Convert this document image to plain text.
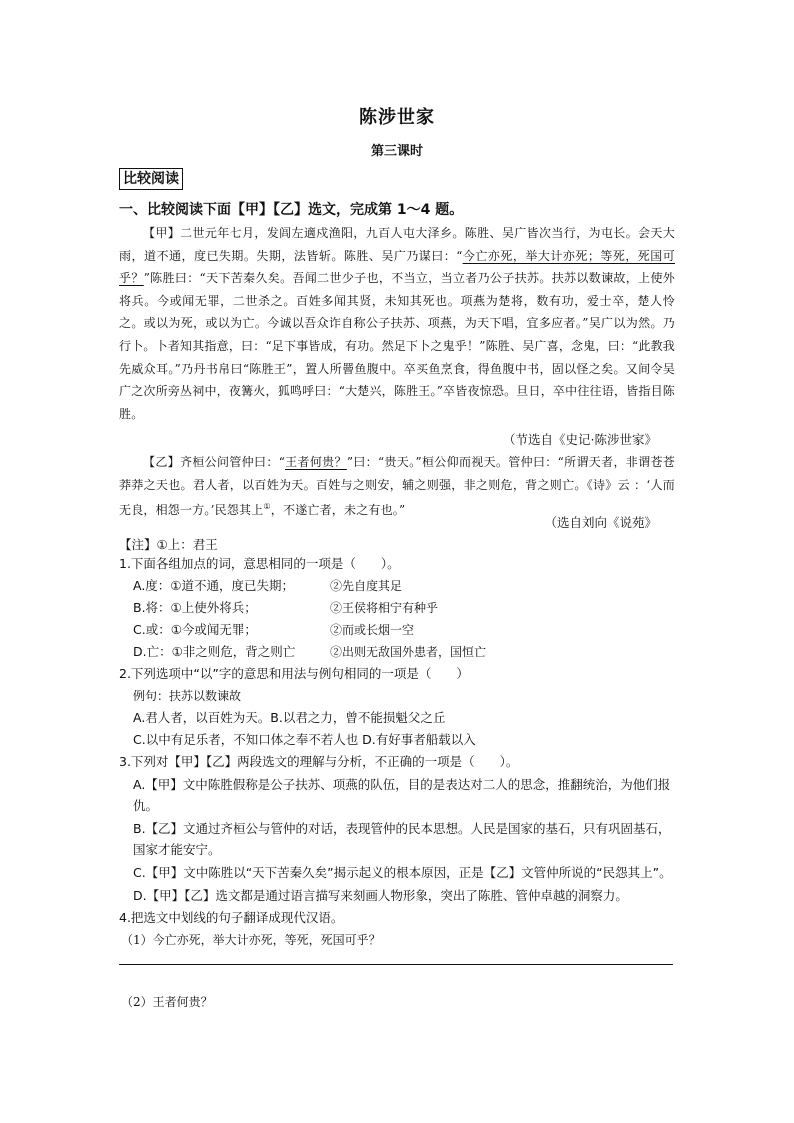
陈涉世家
第三课时
比较阅读
一、比较阅读下面【甲】【乙】选文，完成第 1～4 题。

【甲】二世元年七月，发闾左適戍渔阳，九百人屯大泽乡。陈胜、吴广皆次当行，为屯长。会天大雨，道不通，度已失期。失期，法皆斩。陈胜、吴广乃谋曰：“今亡亦死，举大计亦死；等死，死国可乎？”陈胜曰：“天下苦秦久矣。吾闻二世少子也，不当立，当立者乃公子扶苏。扶苏以数谏故，上使外将兵。今或闻无罪，二世杀之。百姓多闻其贤，未知其死也。项燕为楚将，数有功，爱士卒，楚人怜之。或以为死，或以为亡。今诚以吾众诈自称公子扶苏、项燕，为天下唱，宜多应者。”吴广以为然。乃行卜。卜者知其指意，曰：“足下事皆成，有功。然足下卜之鬼乎！”陈胜、吴广喜，念鬼，曰：“此教我先威众耳。”乃丹书帛曰“陈胜王”，置人所罾鱼腹中。卒买鱼烹食，得鱼腹中书，固以怪之矣。又间令吴广之次所旁丛祠中，夜篝火，狐鸣呼曰：“大楚兴，陈胜王。”卒皆夜惊恐。旦日，卒中往往语，皆指目陈胜。

（节选自《史记·陈涉世家》

【乙】齐桓公问管仲曰：“王者何贵？”曰：“贵天。”桓公仰而视天。管仲曰：“所谓天者，非谓苍苍莽莽之天也。君人者，以百姓为天。百姓与之则安，辅之则强，非之则危，背之则亡。《诗》云 ：‘人而无良，相怨一方。’民怨其上①，不遂亡者，未之有也。”

（选自刘向《说苑》
【注】①上：君王
1.下面各组加点的词，意思相同的一项是（　　）。
A.度：①道不通，度已失期；	②先自度其足
B.将：①上使外将兵；	②王侯将相宁有种乎
C.或：①今或闻无罪；	②而或长烟一空
D.亡：①非之则危，背之则亡	②出则无敌国外患者，国恒亡
2.下列选项中“以”字的意思和用法与例句相同的一项是（　　）
例句：扶苏以数谏故
A.君人者，以百姓为天。B.以君之力，曾不能损魁父之丘
C.以中有足乐者，不知口体之奉不若人也 D.有好事者船载以入
3.下列对【甲】【乙】两段选文的理解与分析，不正确的一项是（　　）。
A.【甲】文中陈胜假称是公子扶苏、项燕的队伍，目的是表达对二人的思念，推翻统治，为他们报仇。
B.【乙】文通过齐桓公与管仲的对话，表现管仲的民本思想。人民是国家的基石，只有巩固基石，国家才能安宁。
C.【甲】文中陈胜以“天下苦秦久矣”揭示起义的根本原因，正是【乙】文管仲所说的“民怨其上”。
D.【甲】【乙】选文都是通过语言描写来刻画人物形象，突出了陈胜、管仲卓越的洞察力。
4.把选文中划线的句子翻译成现代汉语。
（1）今亡亦死，举大计亦死，等死，死国可乎？
（2）王者何贵？
